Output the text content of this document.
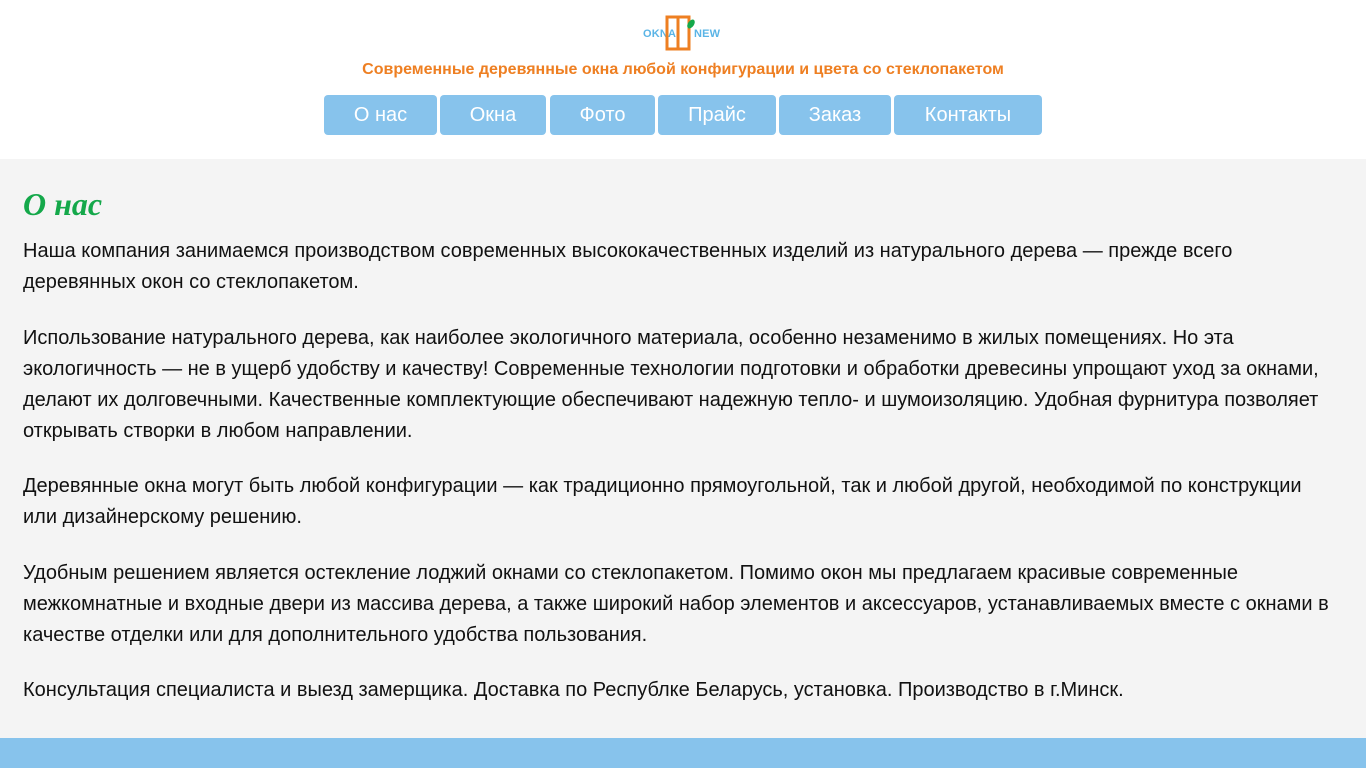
OKNA NEW
Современные деревянные окна любой конфигурации и цвета со стеклопакетом
О нас	Окна	Фото	Прайс	Заказ	Контакты
О нас

Наша компания занимаемся производством современных высококачественных изделий из натурального дерева — прежде всего деревянных окон со стеклопакетом.

Использование натурального дерева, как наиболее экологичного материала, особенно незаменимо в жилых помещениях. Но эта экологичность — не в ущерб удобству и качеству! Современные технологии подготовки и обработки древесины упрощают уход за окнами, делают их долговечными. Качественные комплектующие обеспечивают надежную тепло- и шумоизоляцию. Удобная фурнитура позволяет открывать створки в любом направлении.

Деревянные окна могут быть любой конфигурации — как традиционно прямоугольной, так и любой другой, необходимой по конструкции или дизайнерскому решению.

Удобным решением является остекление лоджий окнами со стеклопакетом. Помимо окон мы предлагаем красивые современные межкомнатные и входные двери из массива дерева, а также широкий набор элементов и аксессуаров, устанавливаемых вместе с окнами в качестве отделки или для дополнительного удобства пользования.

Консультация специалиста и выезд замерщика. Доставка по Республке Беларусь, установка. Производство в г.Минск.
